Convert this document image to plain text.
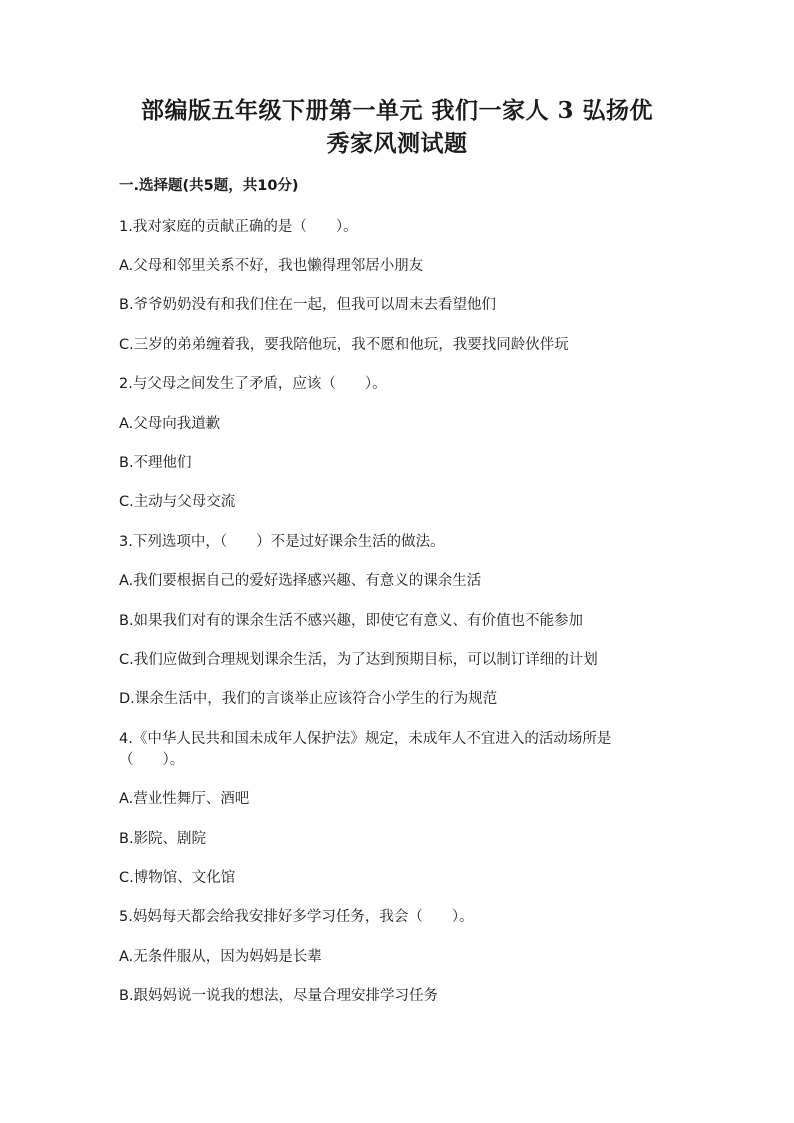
部编版五年级下册第一单元 我们一家人 3 弘扬优
秀家风测试题
一.选择题(共5题，共10分)
1.我对家庭的贡献正确的是（　　）。
A.父母和邻里关系不好，我也懒得理邻居小朋友
B.爷爷奶奶没有和我们住在一起，但我可以周末去看望他们
C.三岁的弟弟缠着我，要我陪他玩，我不愿和他玩，我要找同龄伙伴玩
2.与父母之间发生了矛盾，应该（　　）。
A.父母向我道歉
B.不理他们
C.主动与父母交流
3.下列选项中，（　　）不是过好课余生活的做法。
A.我们要根据自己的爱好选择感兴趣、有意义的课余生活
B.如果我们对有的课余生活不感兴趣，即使它有意义、有价值也不能参加
C.我们应做到合理规划课余生活，为了达到预期目标，可以制订详细的计划
D.课余生活中，我们的言谈举止应该符合小学生的行为规范
4.《中华人民共和国未成年人保护法》规定，未成年人不宜进入的活动场所是
（　　）。
A.营业性舞厅、酒吧
B.影院、剧院
C.博物馆、文化馆
5.妈妈每天都会给我安排好多学习任务，我会（　　）。
A.无条件服从，因为妈妈是长辈
B.跟妈妈说一说我的想法，尽量合理安排学习任务
